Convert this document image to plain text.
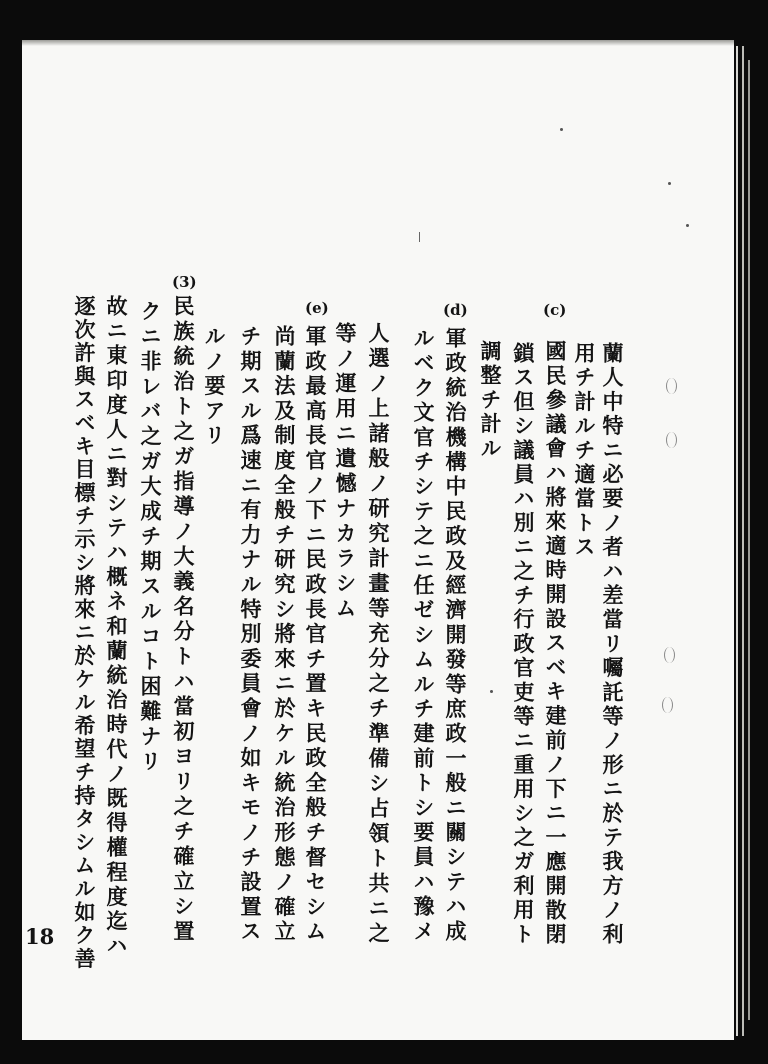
(c)
(d)
(e)
(3)
蘭人中特ニ必要ノ者ハ差當リ囑託等ノ形ニ於テ我方ノ利
用チ計ルチ適當トス
國民參議會ハ將來適時開設スベキ建前ノ下ニ一應開散閉
鎖ス但シ議員ハ別ニ之チ行政官吏等ニ重用シ之ガ利用ト
調整チ計ル
軍政統治機構中民政及經濟開發等庶政一般ニ關シテハ成
ルベク文官チシテ之ニ任ゼシムルチ建前トシ要員ハ豫メ
人選ノ上諸般ノ研究計畫等充分之チ準備シ占領ト共ニ之
等ノ運用ニ遺憾ナカラシム
軍政最高長官ノ下ニ民政長官チ置キ民政全般チ督セシム
尚蘭法及制度全般チ研究シ將來ニ於ケル統治形態ノ確立
チ期スル爲速ニ有力ナル特別委員會ノ如キモノチ設置ス
ルノ要アリ
民族統治ト之ガ指導ノ大義名分トハ當初ヨリ之チ確立シ置
クニ非レバ之ガ大成チ期スルコト困難ナリ
故ニ東印度人ニ對シテハ概ネ和蘭統治時代ノ既得權程度迄ハ
逐次許與スベキ目標チ示シ將來ニ於ケル希望チ持タシムル如ク善
18
